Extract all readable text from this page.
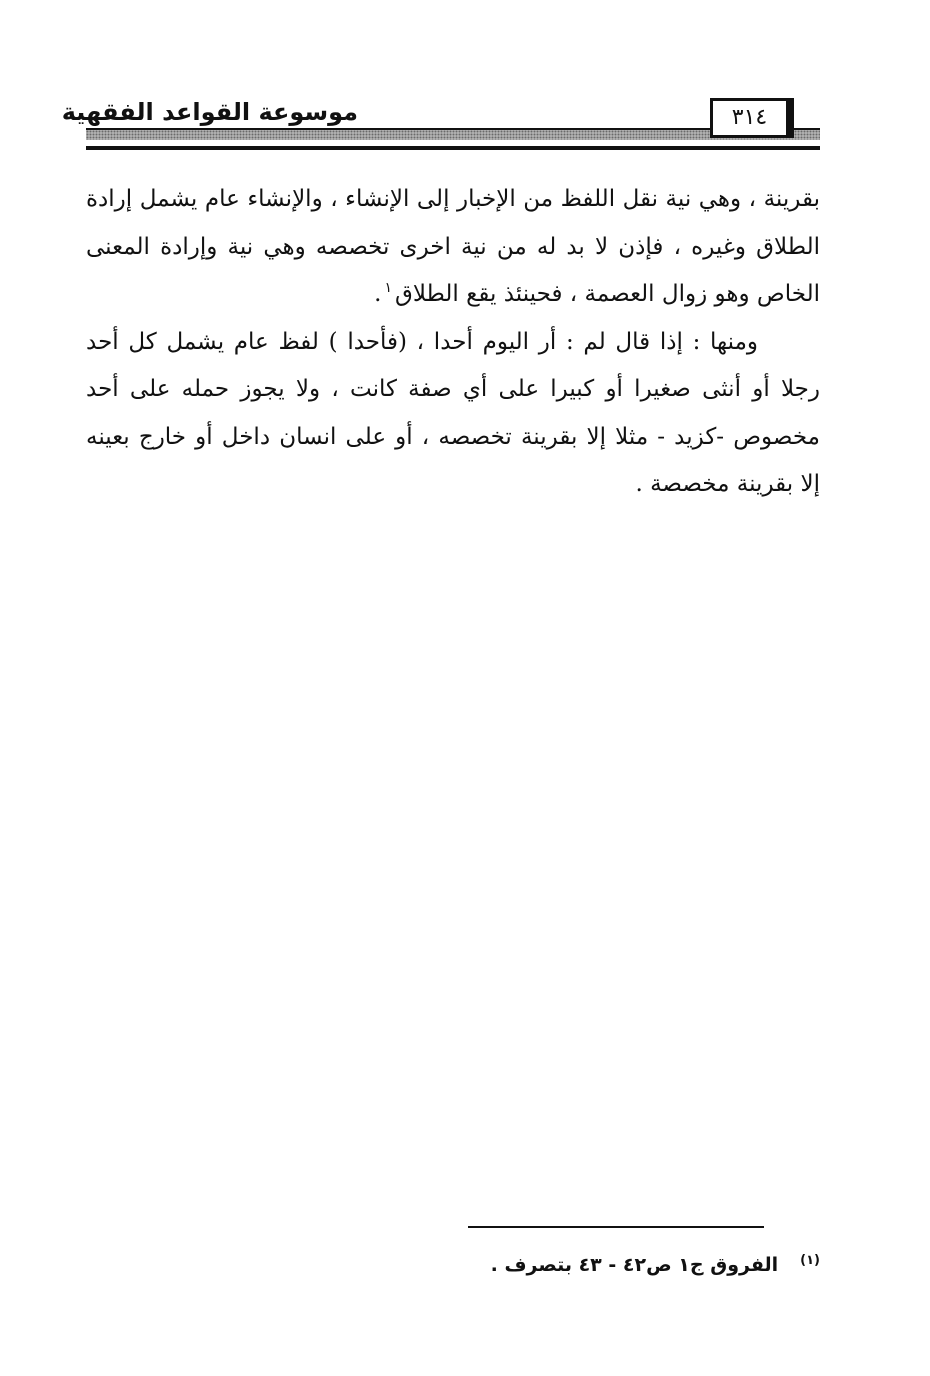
موسوعة القواعد الفقهية	٣١٤

بقرينة ، وهي نية نقل اللفظ من الإخبار إلى الإنشاء ، والإنشاء عام يشمل إرادة الطلاق وغيره ، فإذن لا بد له من نية اخرى تخصصه وهي نية وإرادة المعنى الخاص وهو زوال العصمة ، فحينئذ يقع الطلاق$^١$.

ومنها : إذا قال لم : أر اليوم أحدا ، (فأحدا ) لفظ عام يشمل كل أحد رجلا أو أنثى صغيرا أو كبيرا على أي صفة كانت ، ولا يجوز حمله على أحد مخصوص -كزيد - مثلا إلا بقرينة تخصصه ، أو على انسان داخل أو خارج بعينه إلا بقرينة مخصصة .

$^{(١)}$الفروق ج١ ص٤٢ - ٤٣ بتصرف .
